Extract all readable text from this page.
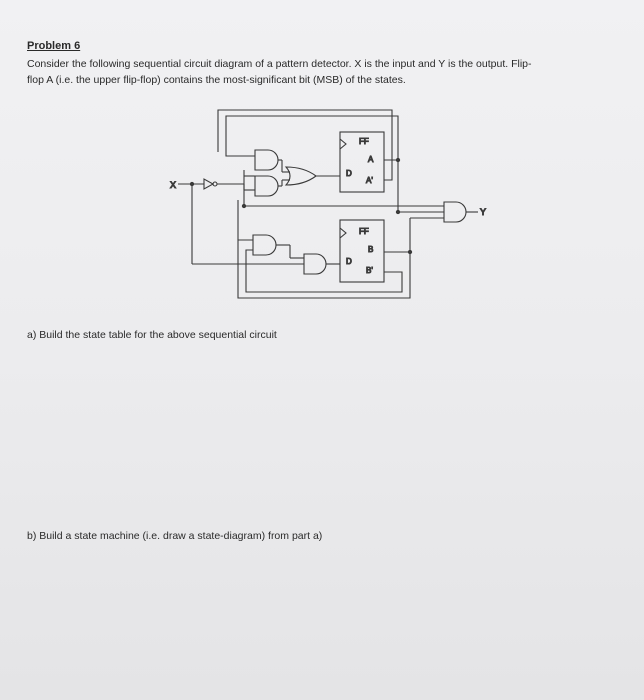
Problem 6

Consider the following sequential circuit diagram of a pattern detector. X is the input and Y is the output. Flip-

flop A (i.e. the upper flip-flop) contains the most-significant bit (MSB) of the states.

FF
D
A
A'
FF
D
B
B'
X
Y
a) Build the state table for the above sequential circuit
b) Build a state machine (i.e. draw a state-diagram) from part a)
